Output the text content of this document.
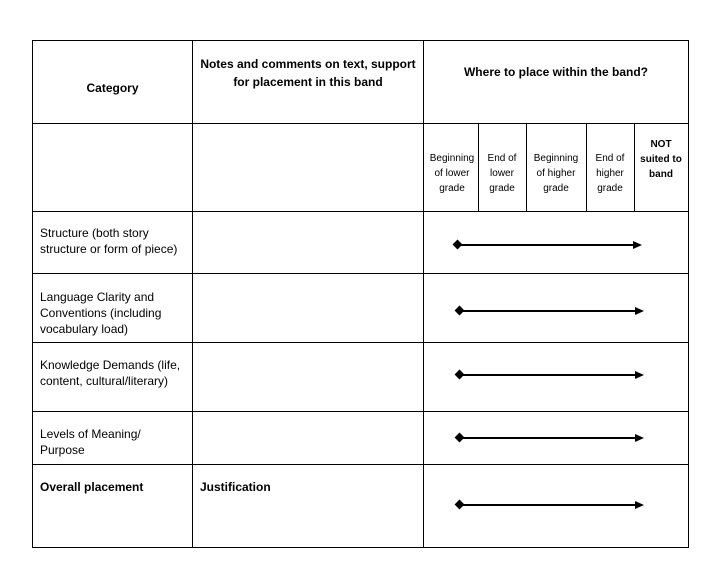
Category
Notes and comments on text, support for placement in this band
Where to place within the band?
Beginning of lower grade
End of lower grade
Beginning of higher grade
End of higher grade
NOT suited to band
Structure (both story structure or form of piece)
Language Clarity and Conventions (including vocabulary load)
Knowledge Demands (life, content, cultural/literary)
Levels of Meaning/ Purpose
Overall placement	Justification
